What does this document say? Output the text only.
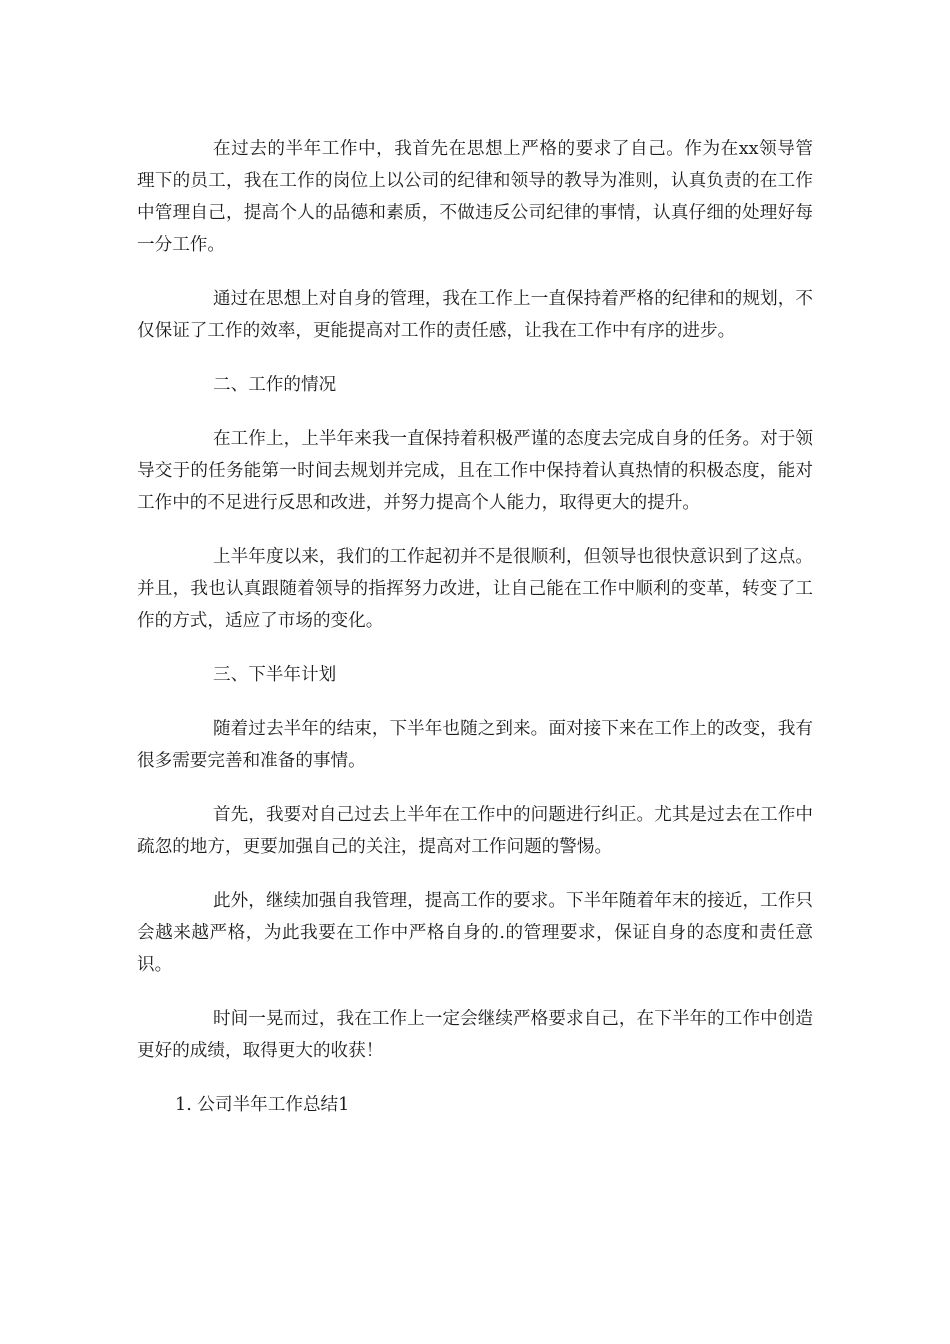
在过去的半年工作中，我首先在思想上严格的要求了自己。作为在xx领导管理下的员工，我在工作的岗位上以公司的纪律和领导的教导为准则，认真负责的在工作中管理自己，提高个人的品德和素质，不做违反公司纪律的事情，认真仔细的处理好每一分工作。

通过在思想上对自身的管理，我在工作上一直保持着严格的纪律和的规划，不仅保证了工作的效率，更能提高对工作的责任感，让我在工作中有序的进步。

二、工作的情况

在工作上，上半年来我一直保持着积极严谨的态度去完成自身的任务。对于领导交于的任务能第一时间去规划并完成，且在工作中保持着认真热情的积极态度，能对工作中的不足进行反思和改进，并努力提高个人能力，取得更大的提升。

上半年度以来，我们的工作起初并不是很顺利，但领导也很快意识到了这点。并且，我也认真跟随着领导的指挥努力改进，让自己能在工作中顺利的变革，转变了工作的方式，适应了市场的变化。

三、下半年计划

随着过去半年的结束，下半年也随之到来。面对接下来在工作上的改变，我有很多需要完善和准备的事情。

首先，我要对自己过去上半年在工作中的问题进行纠正。尤其是过去在工作中疏忽的地方，更要加强自己的关注，提高对工作问题的警惕。

此外，继续加强自我管理，提高工作的要求。下半年随着年末的接近，工作只会越来越严格，为此我要在工作中严格自身的.的管理要求，保证自身的态度和责任意识。

时间一晃而过，我在工作上一定会继续严格要求自己，在下半年的工作中创造更好的成绩，取得更大的收获！

1. 公司半年工作总结1
